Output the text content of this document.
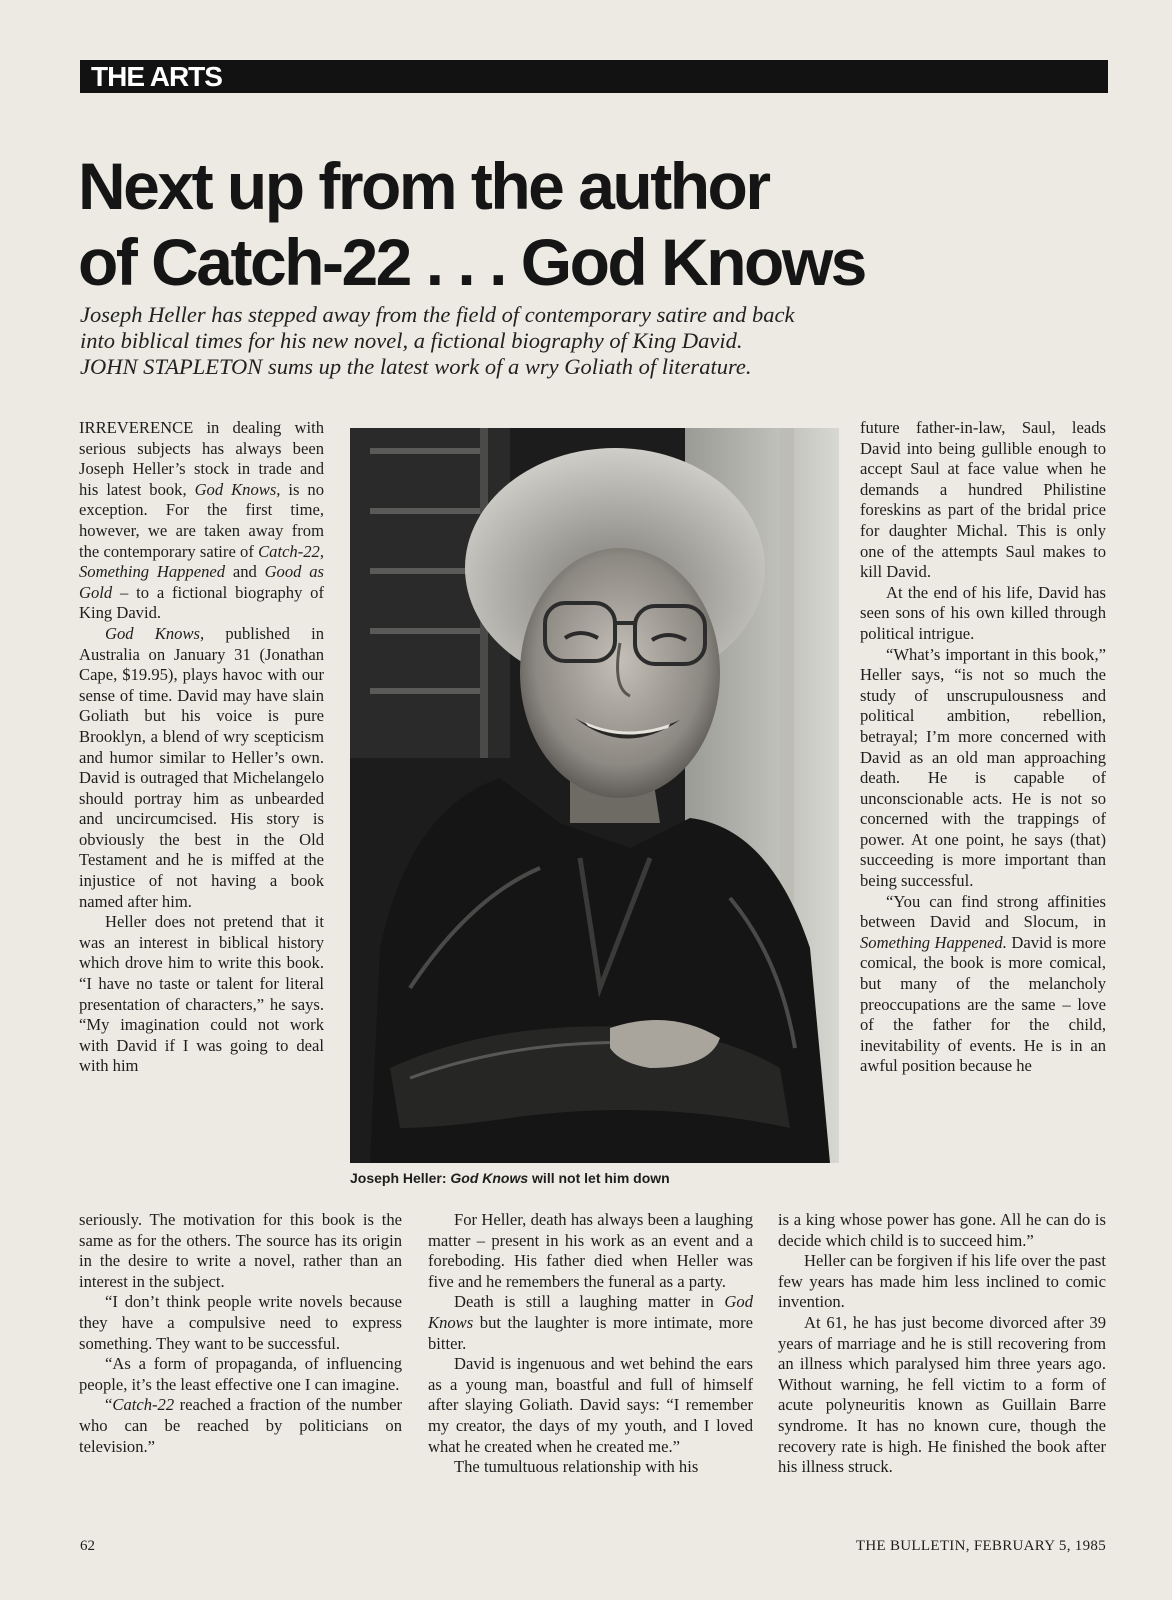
THE ARTS
Next up from the author
of Catch-22 . . . God Knows
Joseph Heller has stepped away from the field of contemporary satire and back
into biblical times for his new novel, a fictional biography of King David.
JOHN STAPLETON sums up the latest work of a wry Goliath of literature.

IRREVERENCE in dealing with serious subjects has always been Joseph Heller’s stock in trade and his latest book, God Knows, is no exception. For the first time, however, we are taken away from the contemporary satire of Catch-22, Something Happened and Good as Gold – to a fictional biography of King David.

God Knows, published in Australia on January 31 (Jonathan Cape, $19.95), plays havoc with our sense of time. David may have slain Goliath but his voice is pure Brooklyn, a blend of wry scepticism and humor similar to Heller’s own. David is outraged that Michelangelo should portray him as unbearded and uncircumcised. His story is obviously the best in the Old Testament and he is miffed at the injustice of not having a book named after him.

Heller does not pretend that it was an interest in biblical history which drove him to write this book. “I have no taste or talent for literal presentation of characters,” he says. “My imagination could not work with David if I was going to deal with him

Joseph Heller: God Knows will not let him down

seriously. The motivation for this book is the same as for the others. The source has its origin in the desire to write a novel, rather than an interest in the subject.

“I don’t think people write novels because they have a compulsive need to express something. They want to be successful.

“As a form of propaganda, of influencing people, it’s the least effective one I can imagine.

“Catch-22 reached a fraction of the number who can be reached by politicians on television.”

For Heller, death has always been a laughing matter – present in his work as an event and a foreboding. His father died when Heller was five and he remembers the funeral as a party.

Death is still a laughing matter in God Knows but the laughter is more intimate, more bitter.

David is ingenuous and wet behind the ears as a young man, boastful and full of himself after slaying Goliath. David says: “I remember my creator, the days of my youth, and I loved what he created when he created me.”

The tumultuous relationship with his

future father-in-law, Saul, leads David into being gullible enough to accept Saul at face value when he demands a hundred Philistine foreskins as part of the bridal price for daughter Michal. This is only one of the attempts Saul makes to kill David.

At the end of his life, David has seen sons of his own killed through political intrigue.

“What’s important in this book,” Heller says, “is not so much the study of unscrupulousness and political ambition, rebellion, betrayal; I’m more concerned with David as an old man approaching death. He is capable of unconscionable acts. He is not so concerned with the trappings of power. At one point, he says (that) succeeding is more important than being successful.

“You can find strong affinities between David and Slocum, in Something Happened. David is more comical, the book is more comical, but many of the melancholy preoccupations are the same – love of the father for the child, inevitability of events. He is in an awful position because he

is a king whose power has gone. All he can do is decide which child is to succeed him.”

Heller can be forgiven if his life over the past few years has made him less inclined to comic invention.

At 61, he has just become divorced after 39 years of marriage and he is still recovering from an illness which paralysed him three years ago. Without warning, he fell victim to a form of acute polyneuritis known as Guillain Barre syndrome. It has no known cure, though the recovery rate is high. He finished the book after his illness struck.

62	THE BULLETIN, FEBRUARY 5, 1985
